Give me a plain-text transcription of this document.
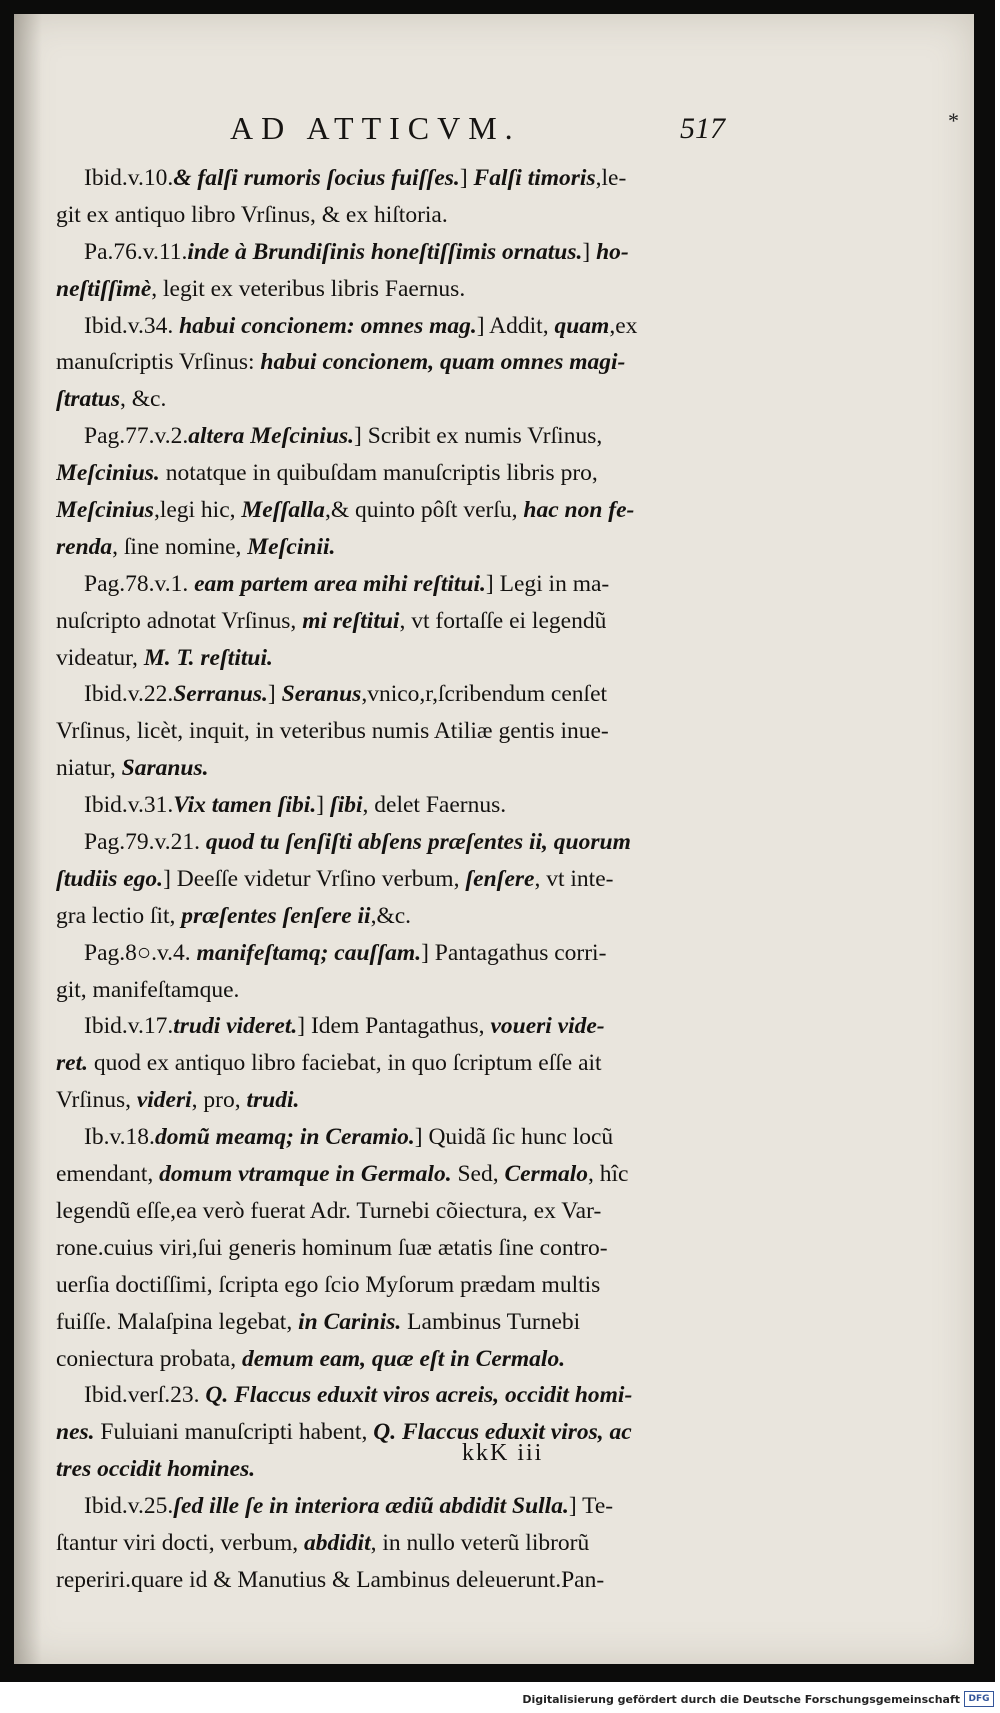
*
AD ATTICVM.	517
Ibid.v.10.& falſi rumoris ſocius fuiſſes.] Falſi timoris,le-
git ex antiquo libro Vrſinus, & ex hiſtoria.
Pa.76.v.11.inde à Brundiſinis honeſtiſſimis ornatus.] ho-
neſtiſſimè, legit ex veteribus libris Faernus.
Ibid.v.34. habui concionem: omnes mag.] Addit, quam,ex
manuſcriptis Vrſinus: habui concionem, quam omnes magi-
ſtratus, &c.
Pag.77.v.2.altera Meſcinius.] Scribit ex numis Vrſinus,
Meſcinius. notatque in quibuſdam manuſcriptis libris pro,
Meſcinius,legi hic, Meſſalla,& quinto pôſt verſu, hac non fe-
renda, ſine nomine, Meſcinii.
Pag.78.v.1. eam partem area mihi reſtitui.] Legi in ma-
nuſcripto adnotat Vrſinus, mi reſtitui, vt fortaſſe ei legendũ
videatur, M. T. reſtitui.
Ibid.v.22.Serranus.] Seranus,vnico,r,ſcribendum cenſet
Vrſinus, licèt, inquit, in veteribus numis Atiliæ gentis inue-
niatur, Saranus.
Ibid.v.31.Vix tamen ſibi.] ſibi, delet Faernus.
Pag.79.v.21. quod tu ſenſiſti abſens præſentes ii, quorum
ſtudiis ego.] Deeſſe videtur Vrſino verbum, ſenſere, vt inte-
gra lectio ſit, præſentes ſenſere ii,&c.
Pag.8○.v.4. manifeſtamq; cauſſam.] Pantagathus corri-
git, manifeſtamque.
Ibid.v.17.trudi videret.] Idem Pantagathus, voueri vide-
ret. quod ex antiquo libro faciebat, in quo ſcriptum eſſe ait
Vrſinus, videri, pro, trudi.
Ib.v.18.domũ meamq; in Ceramio.] Quidã ſic hunc locũ
emendant, domum vtramque in Germalo. Sed, Cermalo, hîc
legendũ eſſe,ea verò fuerat Adr. Turnebi cõiectura, ex Var-
rone.cuius viri,ſui generis hominum ſuæ ætatis ſine contro-
uerſia doctiſſimi, ſcripta ego ſcio Myſorum prædam multis
fuiſſe. Malaſpina legebat, in Carinis. Lambinus Turnebi
coniectura probata, demum eam, quæ eſt in Cermalo.
Ibid.verſ.23. Q. Flaccus eduxit viros acreis, occidit homi-
nes. Fuluiani manuſcripti habent, Q. Flaccus eduxit viros, ac
tres occidit homines.
Ibid.v.25.ſed ille ſe in interiora ædiũ abdidit Sulla.] Te-
ſtantur viri docti, verbum, abdidit, in nullo veterũ librorũ
reperiri.quare id & Manutius & Lambinus deleuerunt.Pan-
kkK iii
Digitalisierung gefördert durch die Deutsche Forschungsgemeinschaft DFG
